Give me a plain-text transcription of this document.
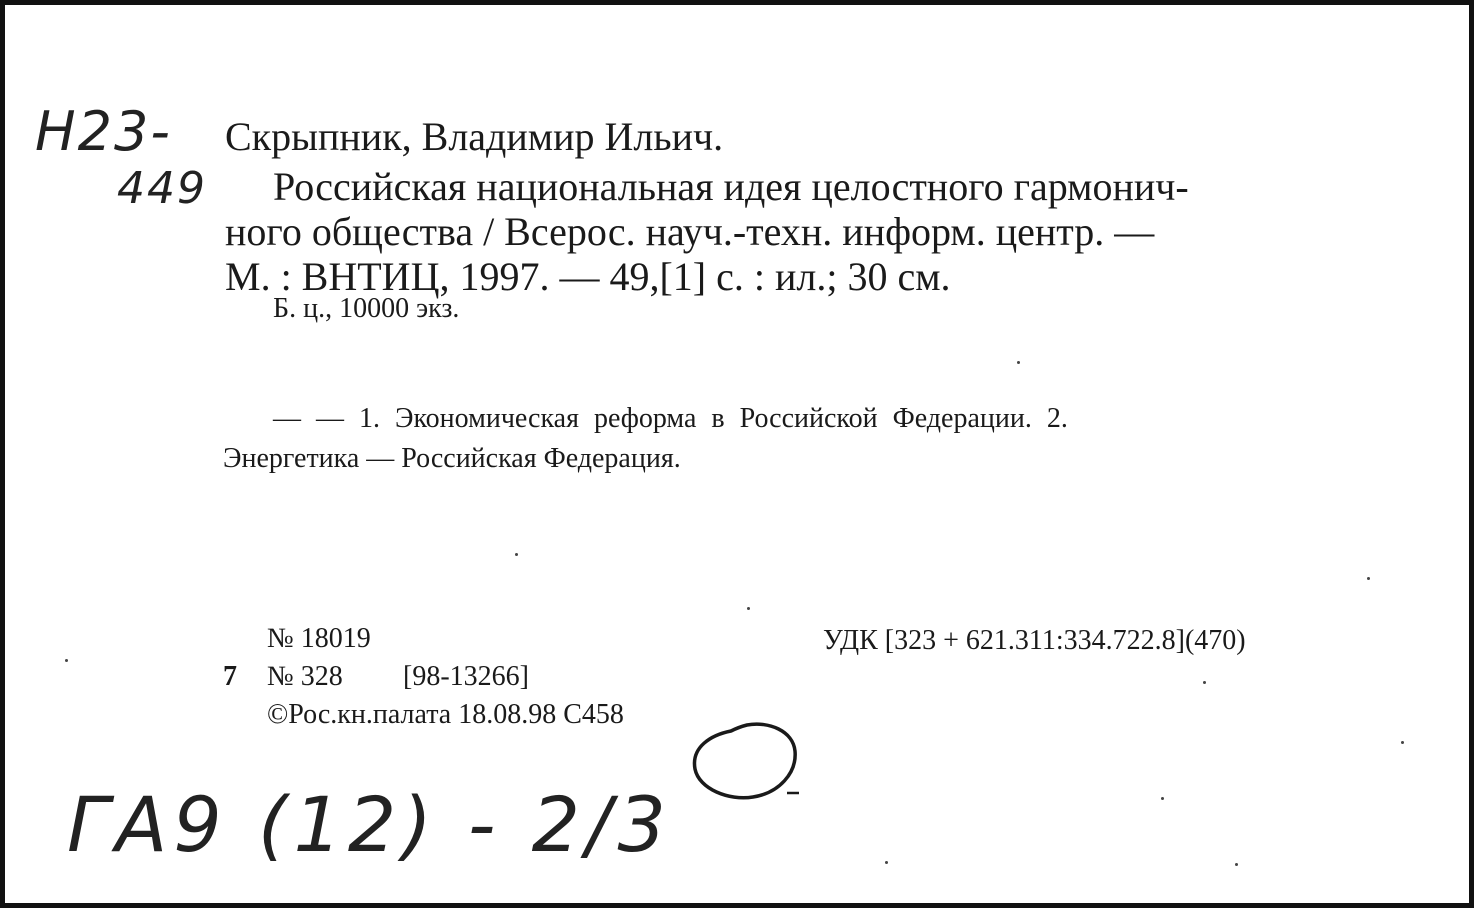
Н23-
449
Скрыпник, Владимир Ильич.
Российская национальная идея целостного гармонич-
ного общества / Всерос. науч.-техн. информ. центр. —
М. : ВНТИЦ, 1997. — 49,[1] с. : ил.; 30 см.
Б. ц., 10000 экз.
— — 1. Экономическая реформа в Российской Федерации. 2.
Энергетика — Российская Федерация.
№ 18019	УДК [323 + 621.311:334.722.8](470)
7 № 328 [98-13266]
©Рос.кн.палата 18.08.98 С458
ГА9 (12) - 2/3
